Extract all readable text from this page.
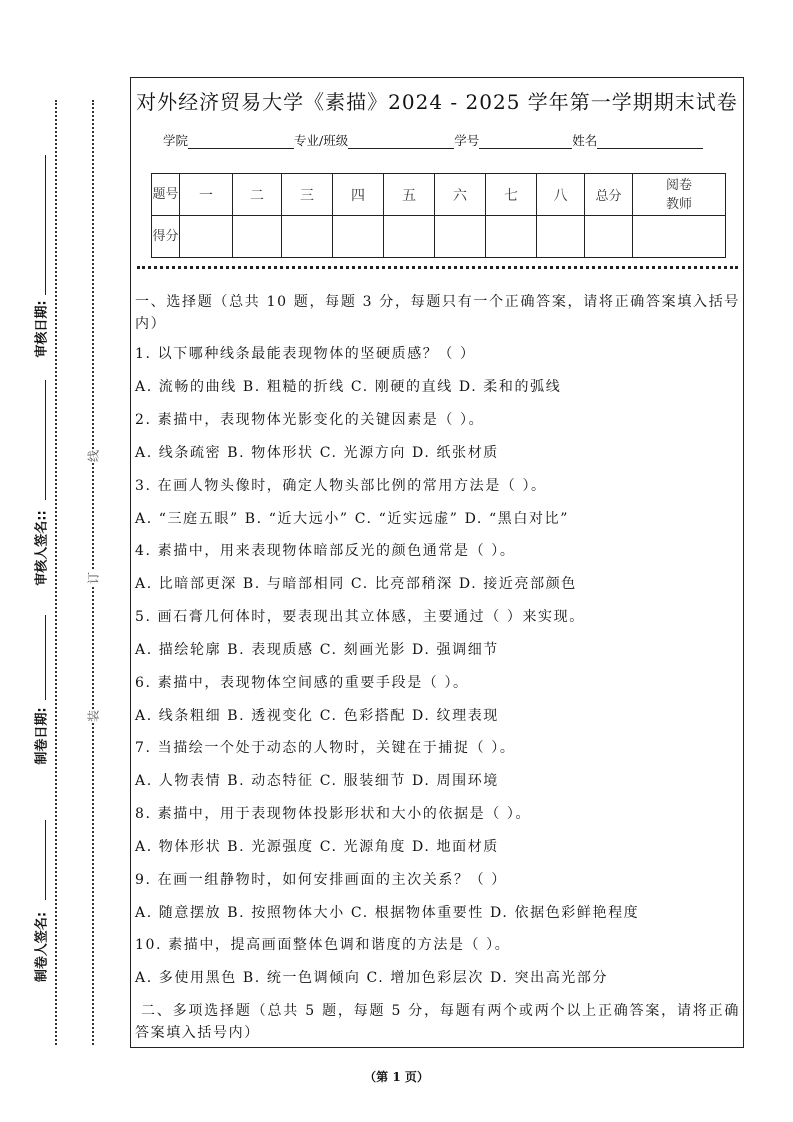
审核日期:
审核人签名::
制卷日期:
制卷人签名:
线
订
装
对外经济贸易大学《素描》2024 - 2025 学年第一学期期末试卷
学院	专业/班级	学号	姓名
题号	一	二	三	四	五	六	七	八	总分	阅卷教师
得分										
一、选择题（总共 10 题，每题 3 分，每题只有一个正确答案，请将正确答案填入括号内）
1. 以下哪种线条最能表现物体的坚硬质感？（ ）
A. 流畅的曲线 B. 粗糙的折线 C. 刚硬的直线 D. 柔和的弧线
2. 素描中，表现物体光影变化的关键因素是（ ）。
A. 线条疏密 B. 物体形状 C. 光源方向 D. 纸张材质
3. 在画人物头像时，确定人物头部比例的常用方法是（ ）。
A. “三庭五眼” B. “近大远小” C. “近实远虚” D. “黑白对比”
4. 素描中，用来表现物体暗部反光的颜色通常是（ ）。
A. 比暗部更深 B. 与暗部相同 C. 比亮部稍深 D. 接近亮部颜色
5. 画石膏几何体时，要表现出其立体感，主要通过（ ）来实现。
A. 描绘轮廓 B. 表现质感 C. 刻画光影 D. 强调细节
6. 素描中，表现物体空间感的重要手段是（ ）。
A. 线条粗细 B. 透视变化 C. 色彩搭配 D. 纹理表现
7. 当描绘一个处于动态的人物时，关键在于捕捉（ ）。
A. 人物表情 B. 动态特征 C. 服装细节 D. 周围环境
8. 素描中，用于表现物体投影形状和大小的依据是（ ）。
A. 物体形状 B. 光源强度 C. 光源角度 D. 地面材质
9. 在画一组静物时，如何安排画面的主次关系？（ ）
A. 随意摆放 B. 按照物体大小 C. 根据物体重要性 D. 依据色彩鲜艳程度
10. 素描中，提高画面整体色调和谐度的方法是（ ）。
A. 多使用黑色 B. 统一色调倾向 C. 增加色彩层次 D. 突出高光部分
二、多项选择题（总共 5 题，每题 5 分，每题有两个或两个以上正确答案，请将正确答案填入括号内）
（第 1 页）
